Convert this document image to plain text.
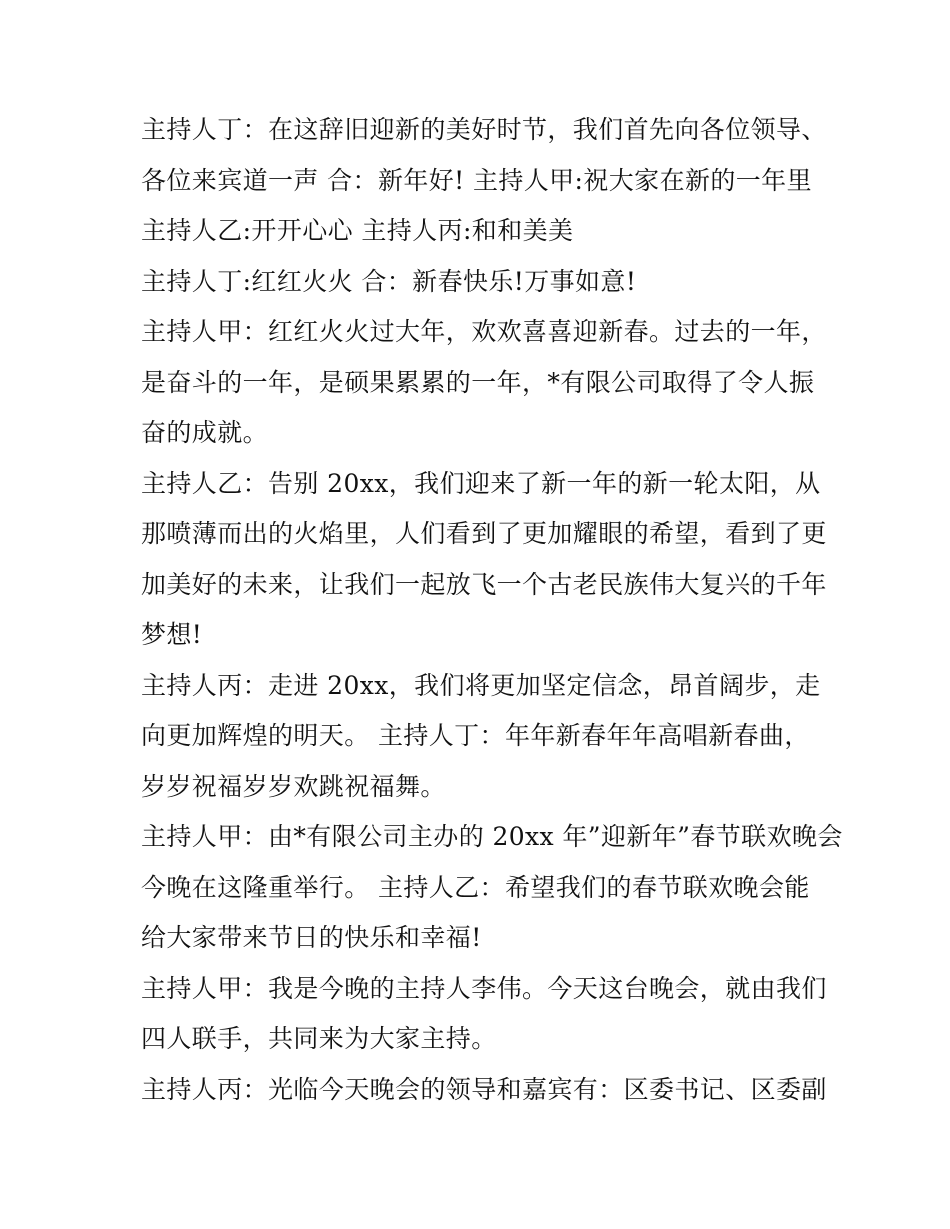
主持人丁：在这辞旧迎新的美好时节，我们首先向各位领导、
各位来宾道一声 合：新年好! 主持人甲:祝大家在新的一年里
主持人乙:开开心心 主持人丙:和和美美
主持人丁:红红火火 合：新春快乐!万事如意!
主持人甲：红红火火过大年，欢欢喜喜迎新春。过去的一年，
是奋斗的一年，是硕果累累的一年，*有限公司取得了令人振
奋的成就。
主持人乙：告别 20xx，我们迎来了新一年的新一轮太阳，从
那喷薄而出的火焰里，人们看到了更加耀眼的希望，看到了更
加美好的未来，让我们一起放飞一个古老民族伟大复兴的千年
梦想!
主持人丙：走进 20xx，我们将更加坚定信念，昂首阔步，走
向更加辉煌的明天。 主持人丁：年年新春年年高唱新春曲，
岁岁祝福岁岁欢跳祝福舞。
主持人甲：由*有限公司主办的 20xx 年”迎新年”春节联欢晚会
今晚在这隆重举行。 主持人乙：希望我们的春节联欢晚会能
给大家带来节日的快乐和幸福!
主持人甲：我是今晚的主持人李伟。今天这台晚会，就由我们
四人联手，共同来为大家主持。
主持人丙：光临今天晚会的领导和嘉宾有：区委书记、区委副
